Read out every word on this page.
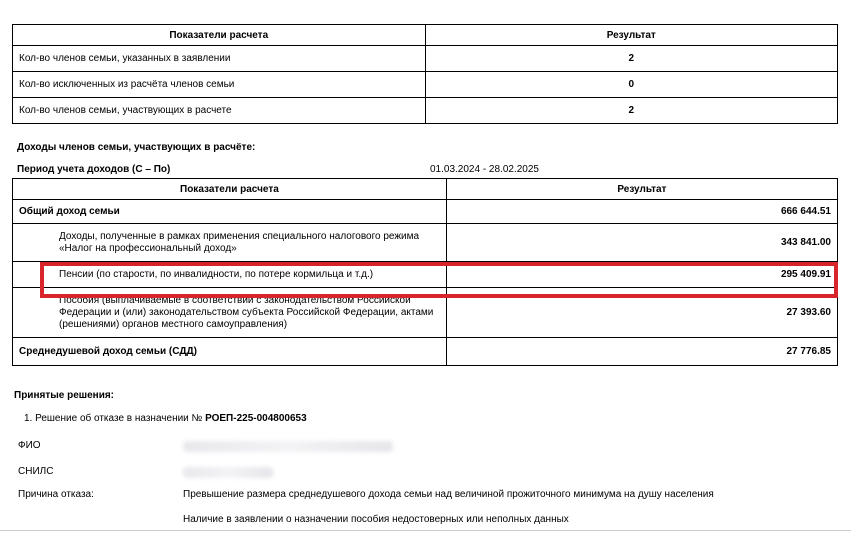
Показатели расчета	Результат
Кол-во членов семьи, указанных в заявлении	2
Кол-во исключенных из расчёта членов семьи	0
Кол-во членов семьи, участвующих в расчете	2
Доходы членов семьи, участвующих в расчёте:
Период учета доходов (С – По)	01.03.2024 - 28.02.2025
Показатели расчета	Результат
Общий доход семьи	666 644.51
Доходы, полученные в рамках применения специального налогового режима «Налог на профессиональный доход»	343 841.00
Пенсии (по старости, по инвалидности, по потере кормильца и т.д.)	295 409.91
Пособия (выплачиваемые в соответствии с законодательством Российской Федерации и (или) законодательством субъекта Российской Федерации, актами (решениями) органов местного самоуправления)	27 393.60
Среднедушевой доход семьи (СДД)	27 776.85
Принятые решения:
1. Решение об отказе в назначении № РОЕП-225-004800653
ФИО
СНИЛС
Причина отказа:	Превышение размера среднедушевого дохода семьи над величиной прожиточного минимума на душу населения
Наличие в заявлении о назначении пособия недостоверных или неполных данных
